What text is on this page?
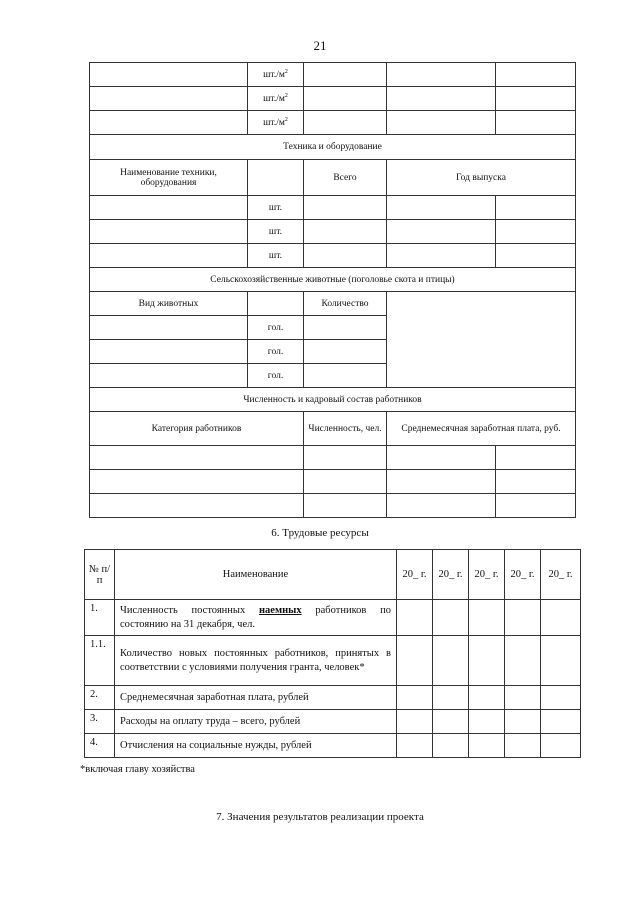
21
	$шт./м^2$			
	$шт./м^2$			
	$шт./м^2$			
Техника и оборудование				
Наименование техники, оборудования		Всего	Год выпуска	
	шт.			
	шт.			
	шт.			
Сельскохозяйственные животные (поголовье скота и птицы)				
Вид животных		Количество		
	гол.			
	гол.			
	гол.			
Численность и кадровый состав работников				
Категория работников		Численность, чел.	Среднемесячная заработная плата, руб.	

6. Трудовые ресурсы
№ п/п	Наименование	20_ г.	20_ г.	20_ г.	20_ г.	20_ г.
1.	Численность постоянных наемных работников по состоянию на 31 декабря, чел.					
1.1.	Количество новых постоянных работников, принятых в соответствии с условиями получения гранта, человек*					
2.	Среднемесячная заработная плата, рублей					
3.	Расходы на оплату труда – всего, рублей					
4.	Отчисления на социальные нужды, рублей					
*включая главу хозяйства
7. Значения результатов реализации проекта
